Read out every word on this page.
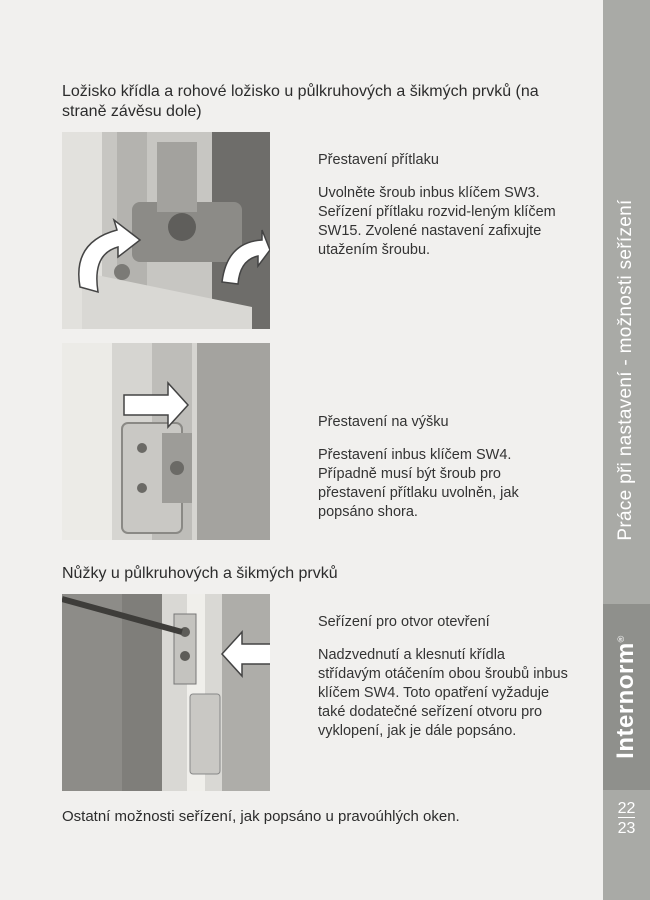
Ložisko křídla a rohové ložisko u půlkruhových a šikmých prvků (na straně závěsu dole)

Přestavení přítlaku

Uvolněte šroub inbus klíčem SW3. Seřízení přítlaku rozvid-leným klíčem SW15. Zvolené nastavení zafixujte utažením šroubu.

Přestavení na výšku

Přestavení inbus klíčem SW4. Případně musí být šroub pro přestavení přítlaku uvolněn, jak popsáno shora.

Nůžky u půlkruhových a šikmých prvků

Seřízení pro otvor otevření

Nadzvednutí a klesnutí křídla střídavým otáčením obou šroubů inbus klíčem SW4. Toto opatření vyžaduje také dodatečné seřízení otvoru pro vyklopení, jak je dále popsáno.

Ostatní možnosti seřízení, jak popsáno u pravoúhlých oken.
Práce při nastavení - možnosti seřízení
Internorm®
22
23
